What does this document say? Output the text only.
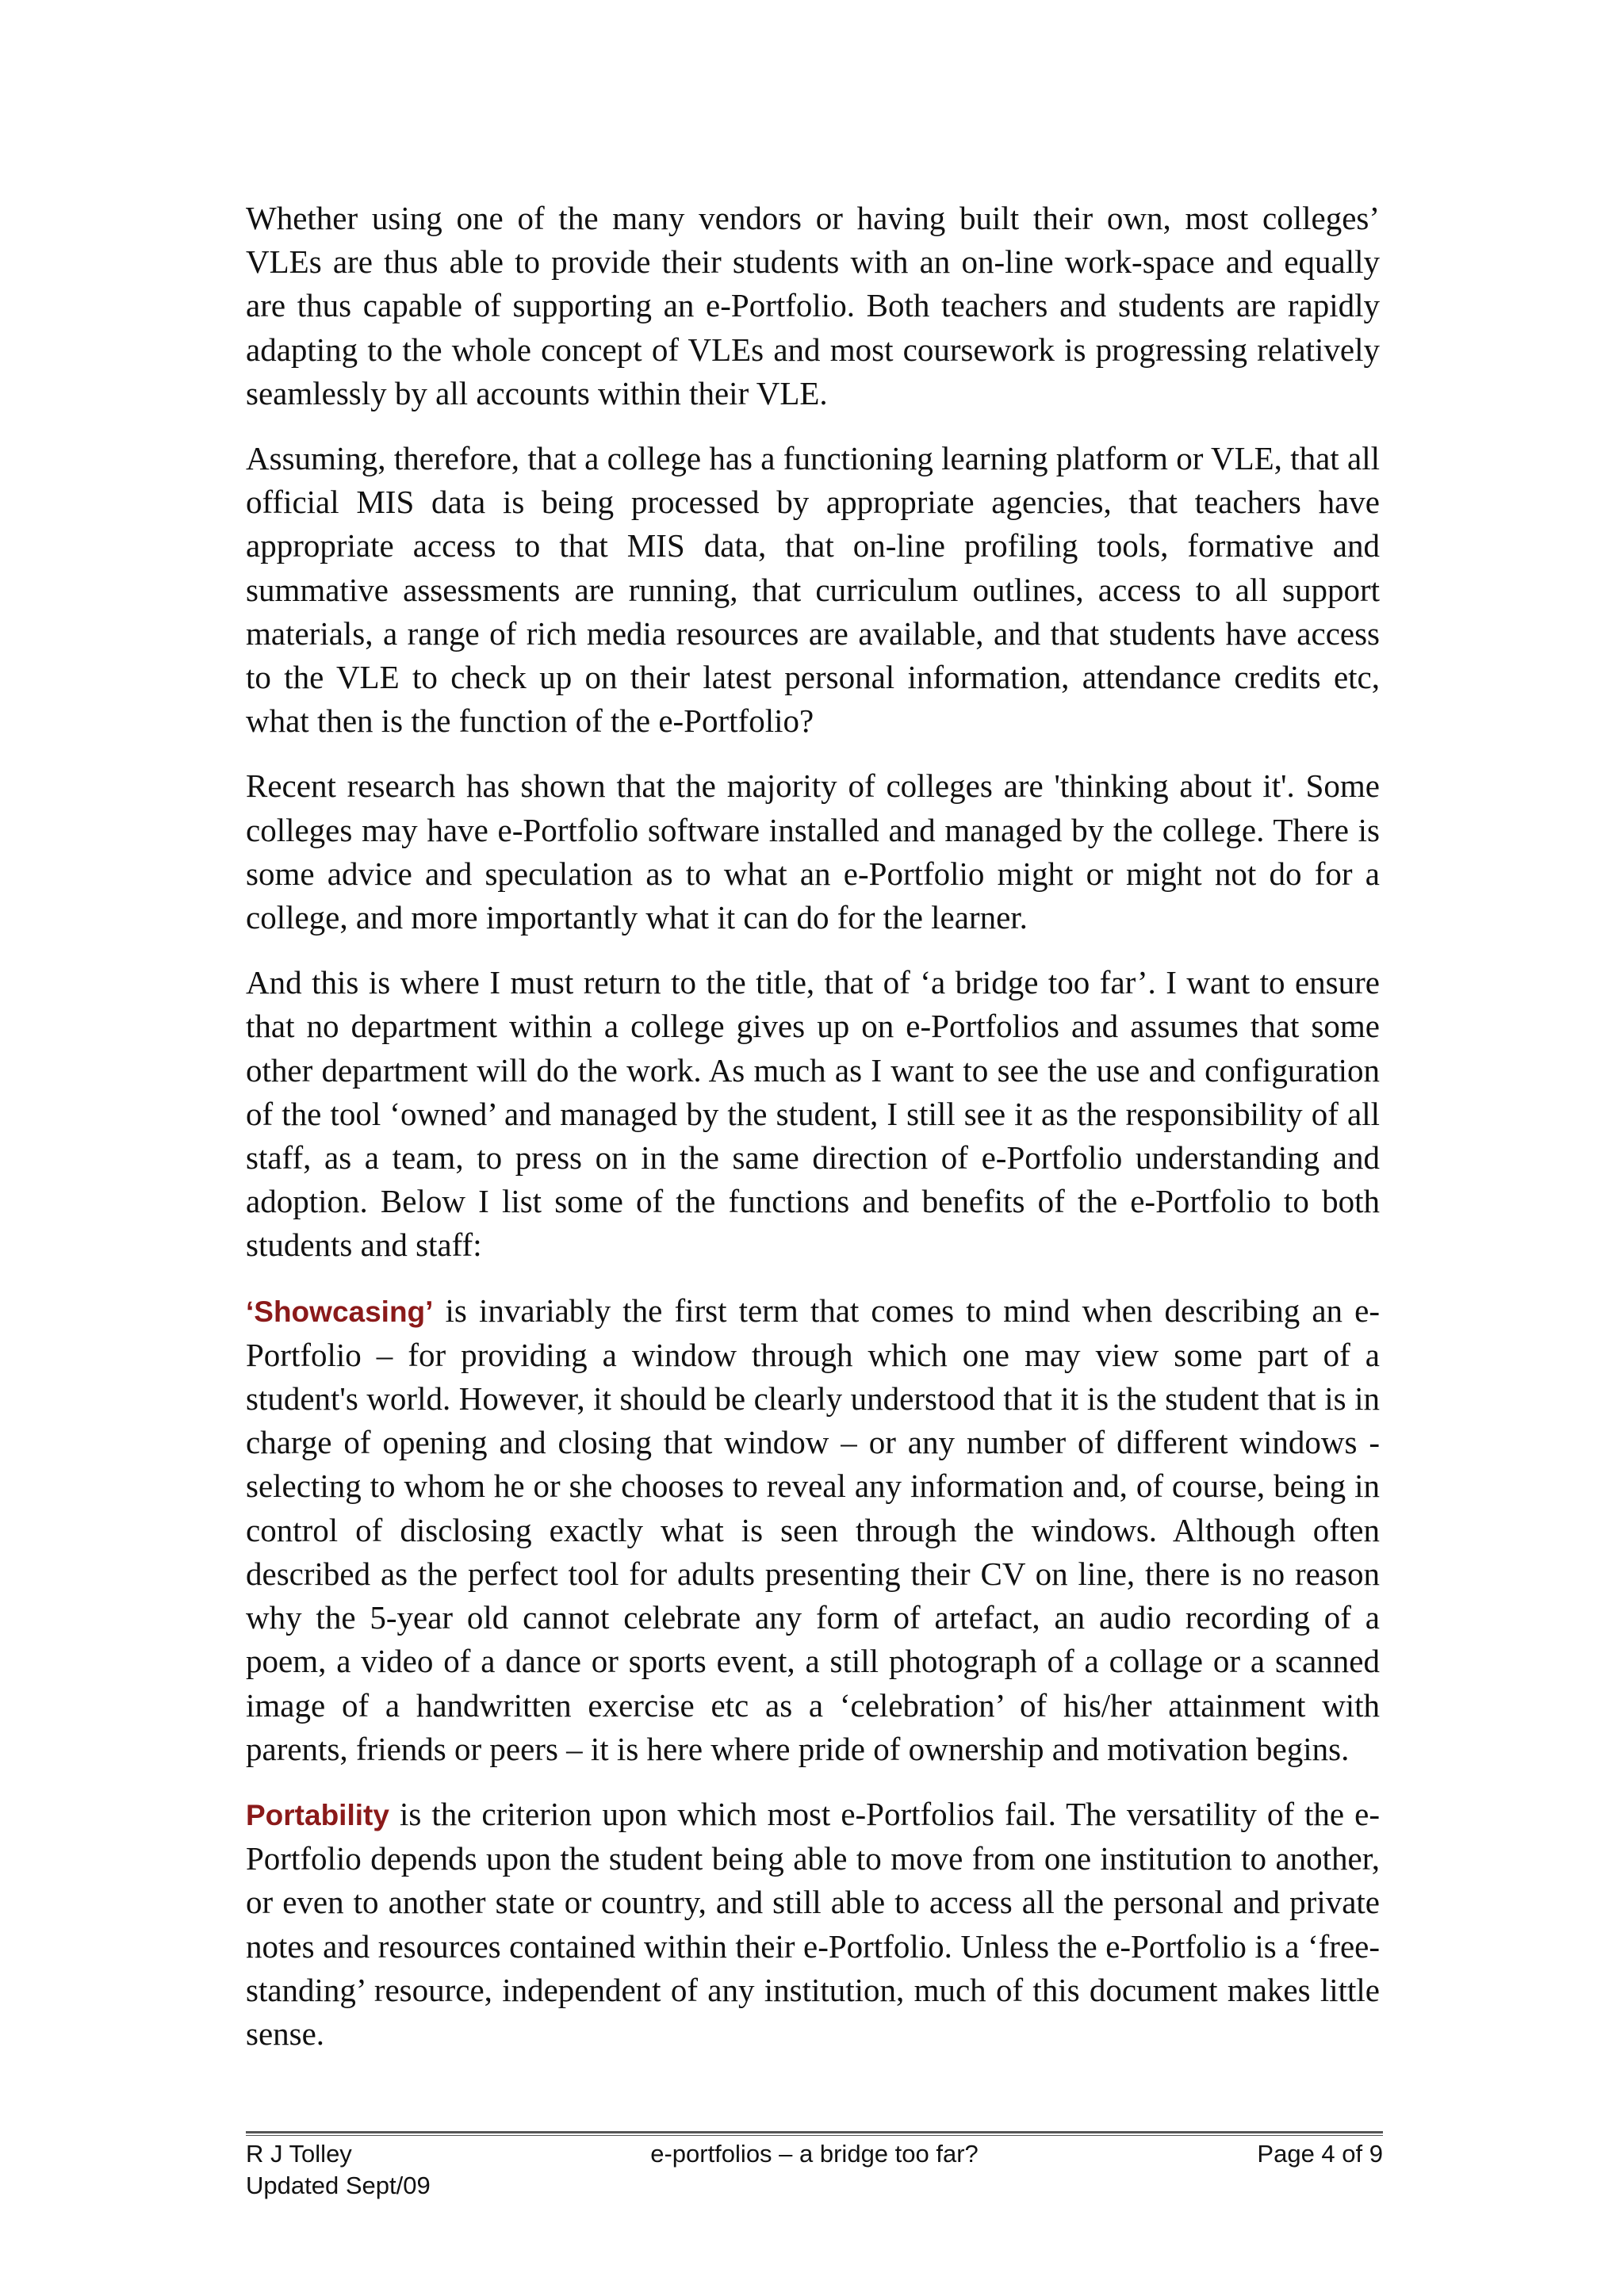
Whether using one of the many vendors or having built their own, most colleges’ VLEs are thus able to provide their students with an on-line work-space and equally are thus capable of supporting an e-Portfolio. Both teachers and students are rapidly adapting to the whole concept of VLEs and most coursework is progressing relatively seamlessly by all accounts within their VLE.

Assuming, therefore, that a college has a functioning learning platform or VLE, that all official MIS data is being processed by appropriate agencies, that teachers have appropriate access to that MIS data, that on-line profiling tools, formative and summative assessments are running, that curriculum outlines, access to all support materials, a range of rich media resources are available, and that students have access to the VLE to check up on their latest personal information, attendance credits etc, what then is the function of the e-Portfolio?

Recent research has shown that the majority of colleges are 'thinking about it'. Some colleges may have e-Portfolio software installed and managed by the college. There is some advice and speculation as to what an e-Portfolio might or might not do for a college, and more importantly what it can do for the learner.

And this is where I must return to the title, that of ‘a bridge too far’. I want to ensure that no department within a college gives up on e-Portfolios and assumes that some other department will do the work. As much as I want to see the use and configuration of the tool ‘owned’ and managed by the student, I still see it as the responsibility of all staff, as a team, to press on in the same direction of e-Portfolio understanding and adoption. Below I list some of the functions and benefits of the e-Portfolio to both students and staff:

‘Showcasing’ is invariably the first term that comes to mind when describing an e-Portfolio – for providing a window through which one may view some part of a student's world. However, it should be clearly understood that it is the student that is in charge of opening and closing that window – or any number of different windows - selecting to whom he or she chooses to reveal any information and, of course, being in control of disclosing exactly what is seen through the windows. Although often described as the perfect tool for adults presenting their CV on line, there is no reason why the 5-year old cannot celebrate any form of artefact, an audio recording of a poem, a video of a dance or sports event, a still photograph of a collage or a scanned image of a handwritten exercise etc as a ‘celebration’ of his/her attainment with parents, friends or peers – it is here where pride of ownership and motivation begins.

Portability is the criterion upon which most e-Portfolios fail. The versatility of the e-Portfolio depends upon the student being able to move from one institution to another, or even to another state or country, and still able to access all the personal and private notes and resources contained within their e-Portfolio. Unless the e-Portfolio is a ‘free-standing’ resource, independent of any institution, much of this document makes little sense.

e-portfolios – a bridge too far?
R J Tolley
Updated Sept/09
Page 4 of 9
